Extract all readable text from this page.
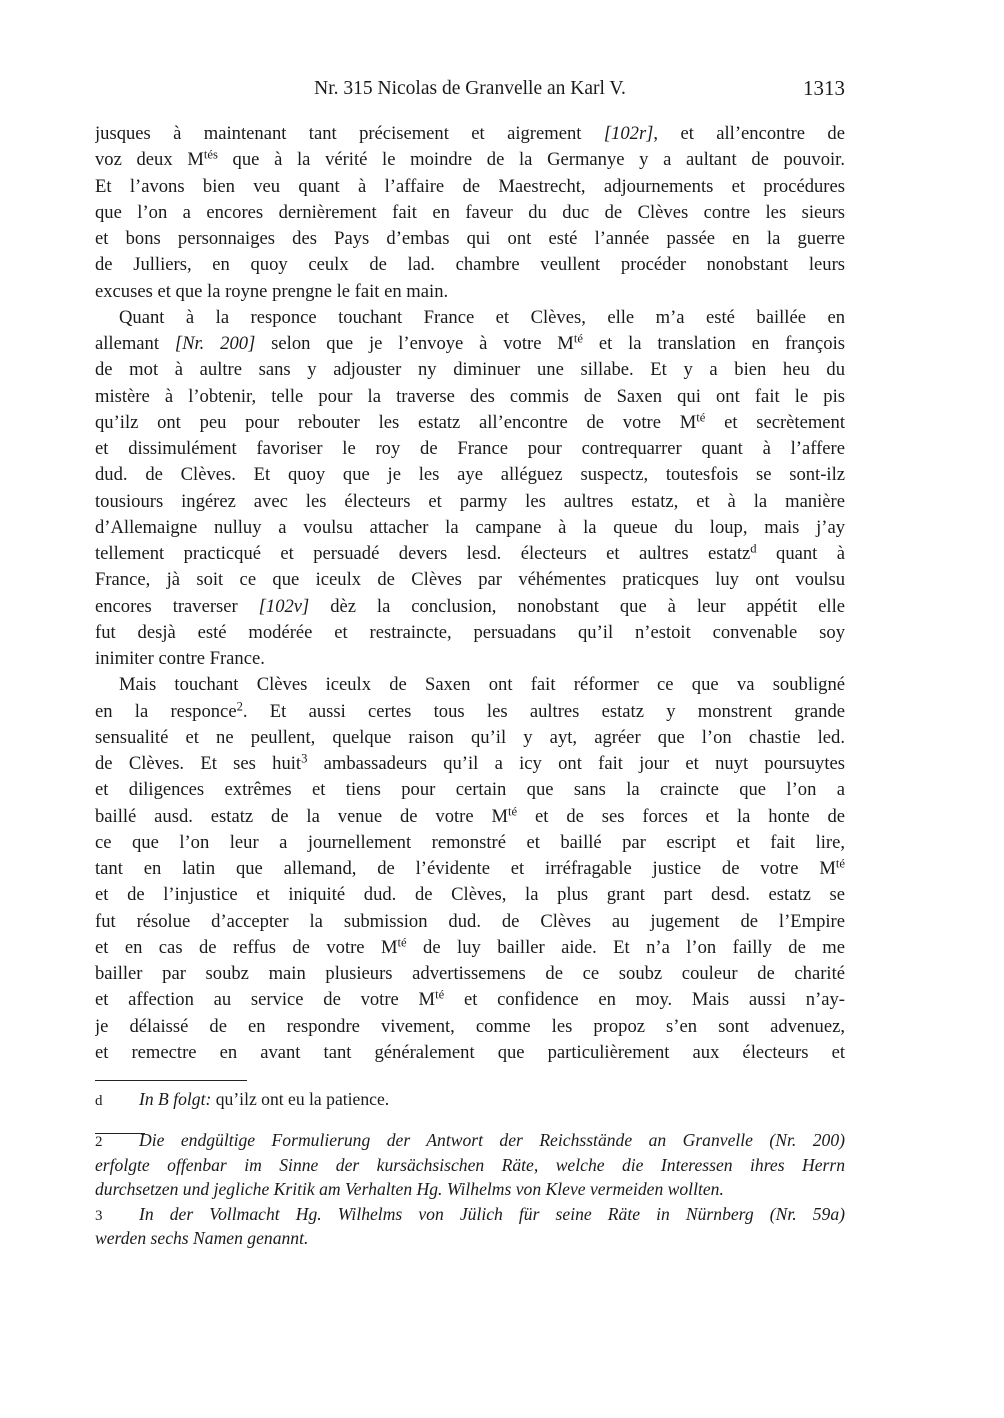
Nr. 315 Nicolas de Granvelle an Karl V.	1313
jusques à maintenant tant précisement et aigrement [102r], et all’encontre de
voz deux $M^{tés}$ que à la vérité le moindre de la Germanye y a aultant de pouvoir.
Et l’avons bien veu quant à l’affaire de Maestrecht, adjournements et procédures
que l’on a encores dernièrement fait en faveur du duc de Clèves contre les sieurs
et bons personnaiges des Pays d’embas qui ont esté l’année passée en la guerre
de Julliers, en quoy ceulx de lad. chambre veullent procéder nonobstant leurs
excuses et que la royne prengne le fait en main.
Quant à la responce touchant France et Clèves, elle m’a esté baillée en
allemant [Nr. 200] selon que je l’envoye à votre $M^{té}$ et la translation en françois
de mot à aultre sans y adjouster ny diminuer une sillabe. Et y a bien heu du
mistère à l’obtenir, telle pour la traverse des commis de Saxen qui ont fait le pis
qu’ilz ont peu pour rebouter les estatz all’encontre de votre $M^{té}$ et secrètement
et dissimulément favoriser le roy de France pour contrequarrer quant à l’affere
dud. de Clèves. Et quoy que je les aye alléguez suspectz, toutesfois se sont-ilz
tousiours ingérez avec les électeurs et parmy les aultres estatz, et à la manière
d’Allemaigne nulluy a voulsu attacher la campane à la queue du loup, mais j’ay
tellement practicqué et persuadé devers lesd. électeurs et aultres estatz$^d$ quant à
France, jà soit ce que iceulx de Clèves par véhémentes praticques luy ont voulsu
encores traverser [102v] dèz la conclusion, nonobstant que à leur appétit elle
fut desjà esté modérée et restraincte, persuadans qu’il n’estoit convenable soy
inimiter contre France.
Mais touchant Clèves iceulx de Saxen ont fait réformer ce que va soubligné
en la responce$^2$. Et aussi certes tous les aultres estatz y monstrent grande
sensualité et ne peullent, quelque raison qu’il y ayt, agréer que l’on chastie led.
de Clèves. Et ses huit$^3$ ambassadeurs qu’il a icy ont fait jour et nuyt poursuytes
et diligences extrêmes et tiens pour certain que sans la craincte que l’on a
baillé ausd. estatz de la venue de votre $M^{té}$ et de ses forces et la honte de
ce que l’on leur a journellement remonstré et baillé par escript et fait lire,
tant en latin que allemand, de l’évidente et irréfragable justice de votre $M^{té}$
et de l’injustice et iniquité dud. de Clèves, la plus grant part desd. estatz se
fut résolue d’accepter la submission dud. de Clèves au jugement de l’Empire
et en cas de reffus de votre $M^{té}$ de luy bailler aide. Et n’a l’on failly de me
bailler par soubz main plusieurs advertissemens de ce soubz couleur de charité
et affection au service de votre $M^{té}$ et confidence en moy. Mais aussi n’ay-
je délaissé de en respondre vivement, comme les propoz s’en sont advenuez,
et remectre en avant tant généralement que particulièrement aux électeurs et
d In B folgt: qu’ilz ont eu la patience.
2 Die endgültige Formulierung der Antwort der Reichsstände an Granvelle (Nr. 200)
erfolgte offenbar im Sinne der kursächsischen Räte, welche die Interessen ihres Herrn
durchsetzen und jegliche Kritik am Verhalten Hg. Wilhelms von Kleve vermeiden wollten.
3 In der Vollmacht Hg. Wilhelms von Jülich für seine Räte in Nürnberg (Nr. 59a)
werden sechs Namen genannt.
